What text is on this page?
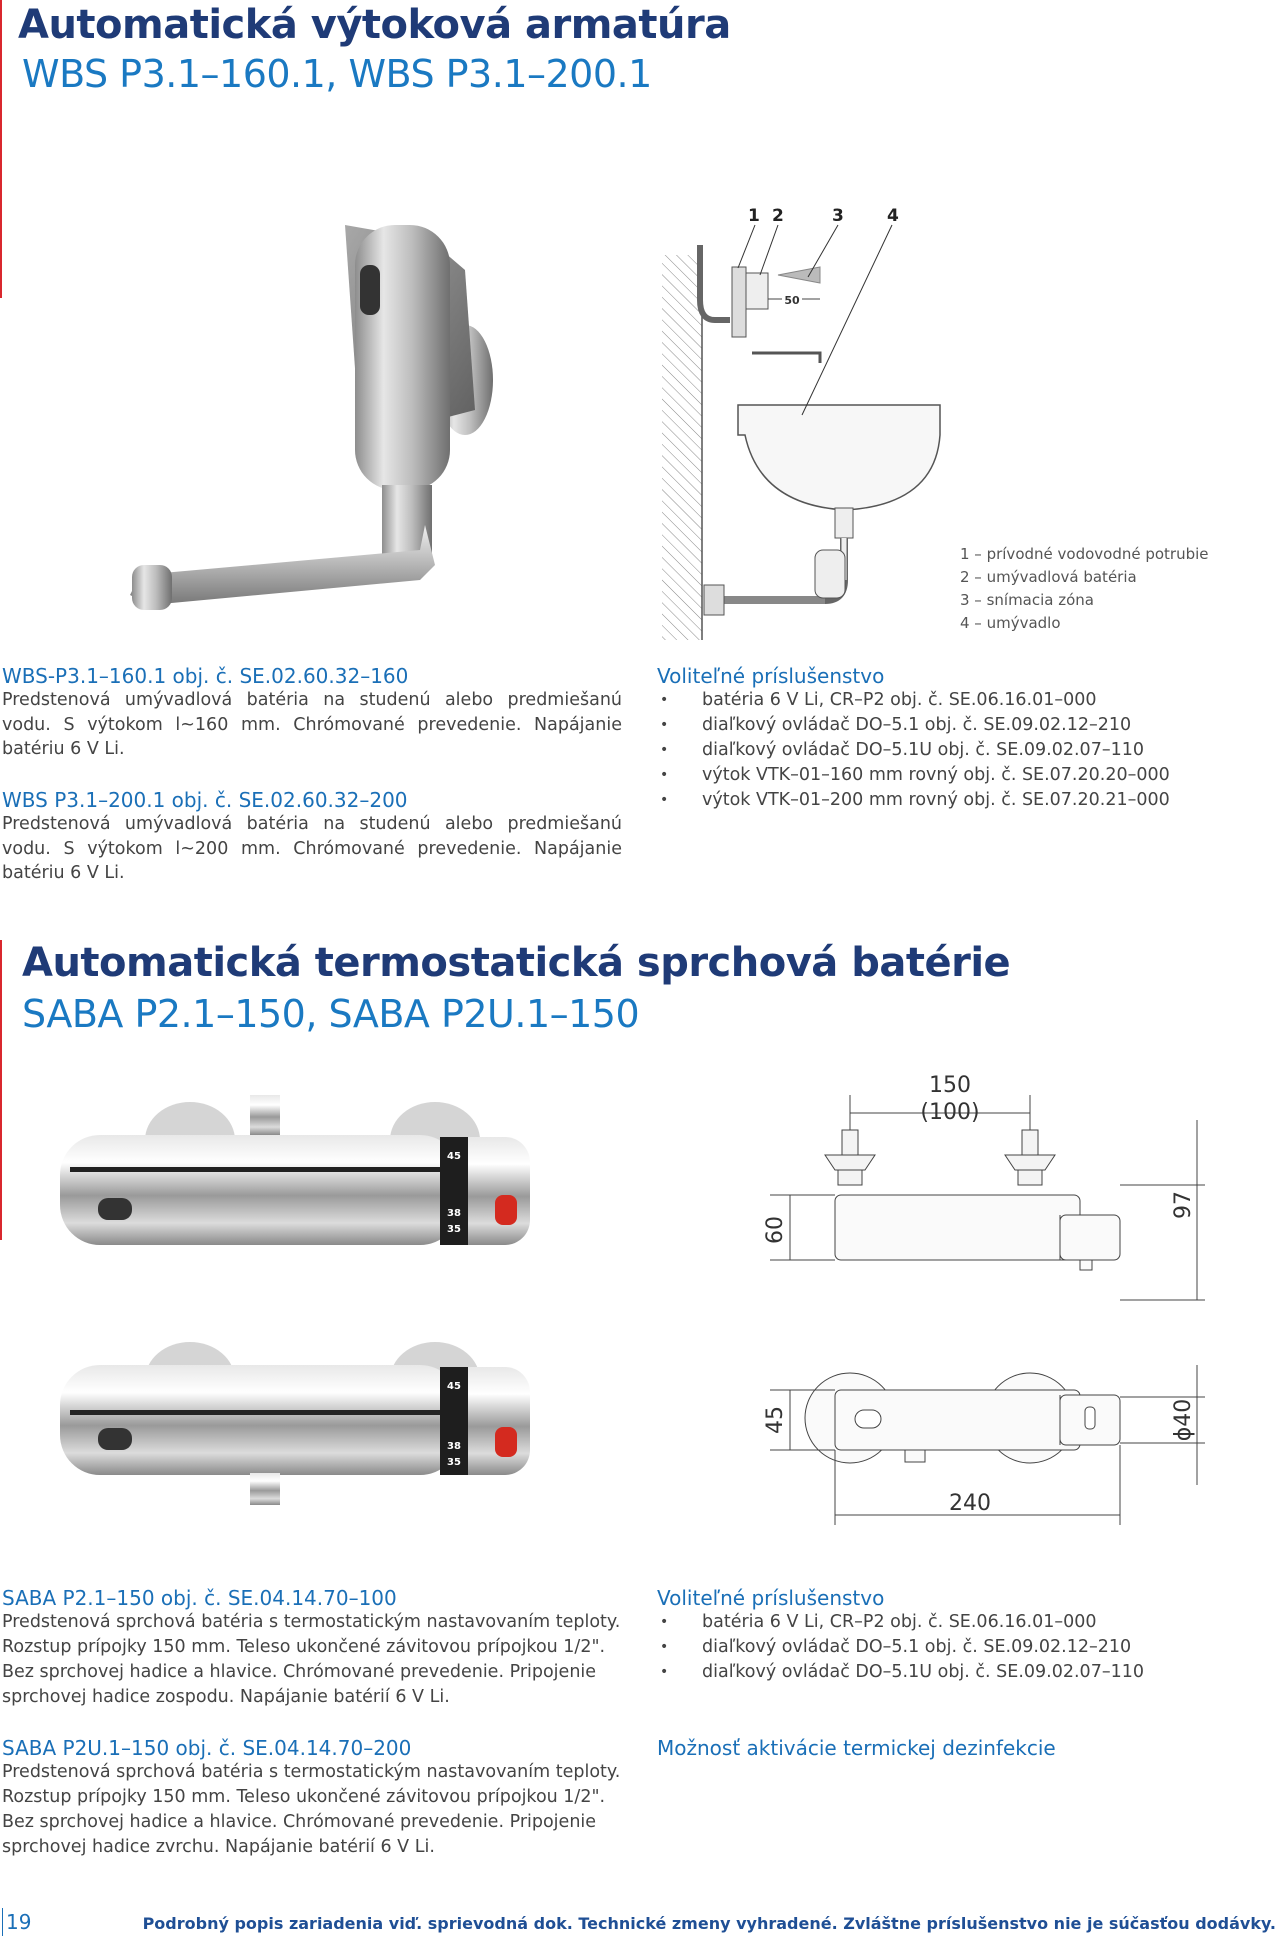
Automatická výtoková armatúra
WBS P3.1–160.1, WBS P3.1–200.1
50
1 2	3	4
1 – prívodné vodovodné potrubie
2 – umývadlová batéria
3 – snímacia zóna
4 – umývadlo
WBS-P3.1–160.1 obj. č. SE.02.60.32–160
Predstenová umývadlová batéria na studenú alebo predmiešanú vodu. S výtokom l~160 mm. Chrómované prevedenie. Napájanie batériu 6 V Li.
WBS P3.1–200.1 obj. č. SE.02.60.32–200
Predstenová umývadlová batéria na studenú alebo predmiešanú vodu. S výtokom l~200 mm. Chrómované prevedenie. Napájanie batériu 6 V Li.
Voliteľné príslušenstvo
• batéria 6 V Li, CR–P2 obj. č. SE.06.16.01–000
• diaľkový ovládač DO–5.1 obj. č. SE.09.02.12–210
• diaľkový ovládač DO–5.1U obj. č. SE.09.02.07–110
• výtok VTK–01–160 mm rovný obj. č. SE.07.20.20–000
• výtok VTK–01–200 mm rovný obj. č. SE.07.20.21–000
Automatická termostatická sprchová batérie
SABA P2.1–150, SABA P2U.1–150
45
38
35
45
38
35
150
(100)
60
97
45	ϕ40
240
SABA P2.1–150 obj. č. SE.04.14.70–100
Predstenová sprchová batéria s termostatickým nastavovaním teploty.
Rozstup prípojky 150 mm. Teleso ukončené závitovou prípojkou 1/2".
Bez sprchovej hadice a hlavice. Chrómované prevedenie. Pripojenie
sprchovej hadice zospodu. Napájanie batérií 6 V Li.
SABA P2U.1–150 obj. č. SE.04.14.70–200
Predstenová sprchová batéria s termostatickým nastavovaním teploty.
Rozstup prípojky 150 mm. Teleso ukončené závitovou prípojkou 1/2".
Bez sprchovej hadice a hlavice. Chrómované prevedenie. Pripojenie
sprchovej hadice zvrchu. Napájanie batérií 6 V Li.
Voliteľné príslušenstvo
• batéria 6 V Li, CR–P2 obj. č. SE.06.16.01–000
• diaľkový ovládač DO–5.1 obj. č. SE.09.02.12–210
• diaľkový ovládač DO–5.1U obj. č. SE.09.02.07–110
Možnosť aktivácie termickej dezinfekcie
19	Podrobný popis zariadenia viď. sprievodná dok. Technické zmeny vyhradené. Zvláštne príslušenstvo nie je súčasťou dodávky.
